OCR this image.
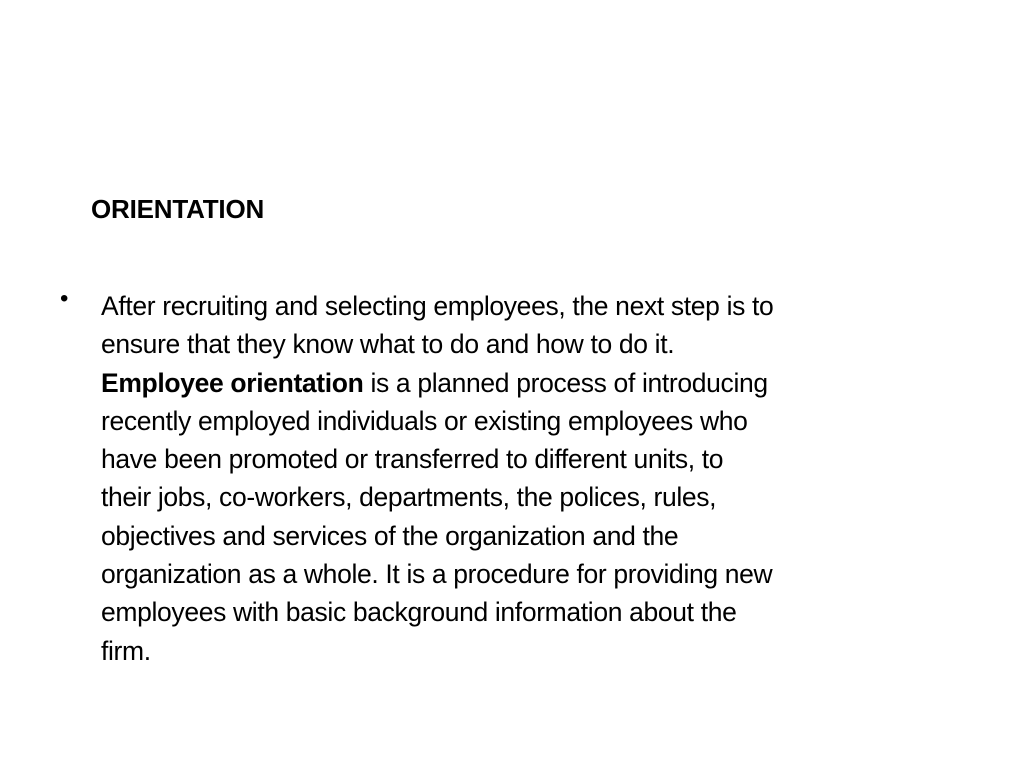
ORIENTATION
• After recruiting and selecting employees, the next step is to
ensure that they know what to do and how to do it.
Employee orientation is a planned process of introducing
recently employed individuals or existing employees who
have been promoted or transferred to different units, to
their jobs, co-workers, departments, the polices, rules,
objectives and services of the organization and the
organization as a whole. It is a procedure for providing new
employees with basic background information about the
firm.
